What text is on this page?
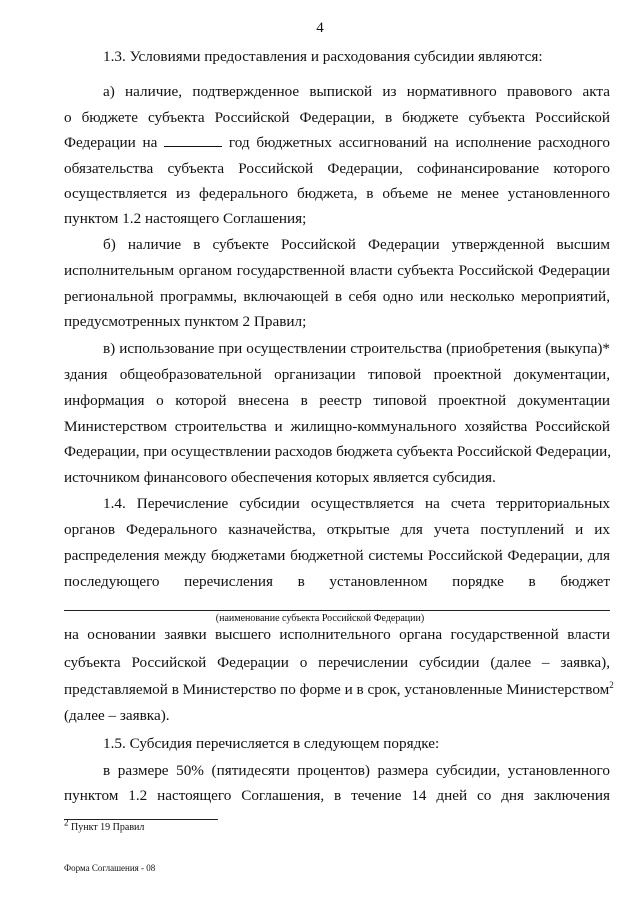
4
1.3. Условиями предоставления и расходования субсидии являются:
а) наличие, подтвержденное выпиской из нормативного правового акта
о бюджете субъекта Российской Федерации, в бюджете субъекта Российской
Федерации на	год бюджетных ассигнований на исполнение расходного
обязательства субъекта Российской Федерации, софинансирование которого
осуществляется из федерального бюджета, в объеме не менее установленного
пунктом 1.2 настоящего Соглашения;
б) наличие в субъекте Российской Федерации утвержденной высшим
исполнительным органом государственной власти субъекта Российской Федерации
региональной программы, включающей в себя одно или несколько мероприятий,
предусмотренных пунктом 2 Правил;
в) использование при осуществлении строительства (приобретения (выкупа)*
здания общеобразовательной организации типовой проектной документации,
информация о которой внесена в реестр типовой проектной документации
Министерством строительства и жилищно-коммунального хозяйства Российской
Федерации, при осуществлении расходов бюджета субъекта Российской Федерации,
источником финансового обеспечения которых является субсидия.
1.4. Перечисление субсидии осуществляется на счета территориальных
органов Федерального казначейства, открытые для учета поступлений и их
распределения между бюджетами бюджетной системы Российской Федерации, для
последующего перечисления в установленном порядке в бюджет
(наименование субъекта Российской Федерации)
на основании заявки высшего исполнительного органа государственной власти
субъекта Российской Федерации о перечислении субсидии (далее – заявка),
представляемой в Министерство по форме и в срок, установленные Министерством$^2$
(далее – заявка).
1.5. Субсидия перечисляется в следующем порядке:
в размере 50% (пятидесяти процентов) размера субсидии, установленного
пунктом 1.2 настоящего Соглашения, в течение 14 дней со дня заключения
$^2$ Пункт 19 Правил
Форма Соглашения - 08
